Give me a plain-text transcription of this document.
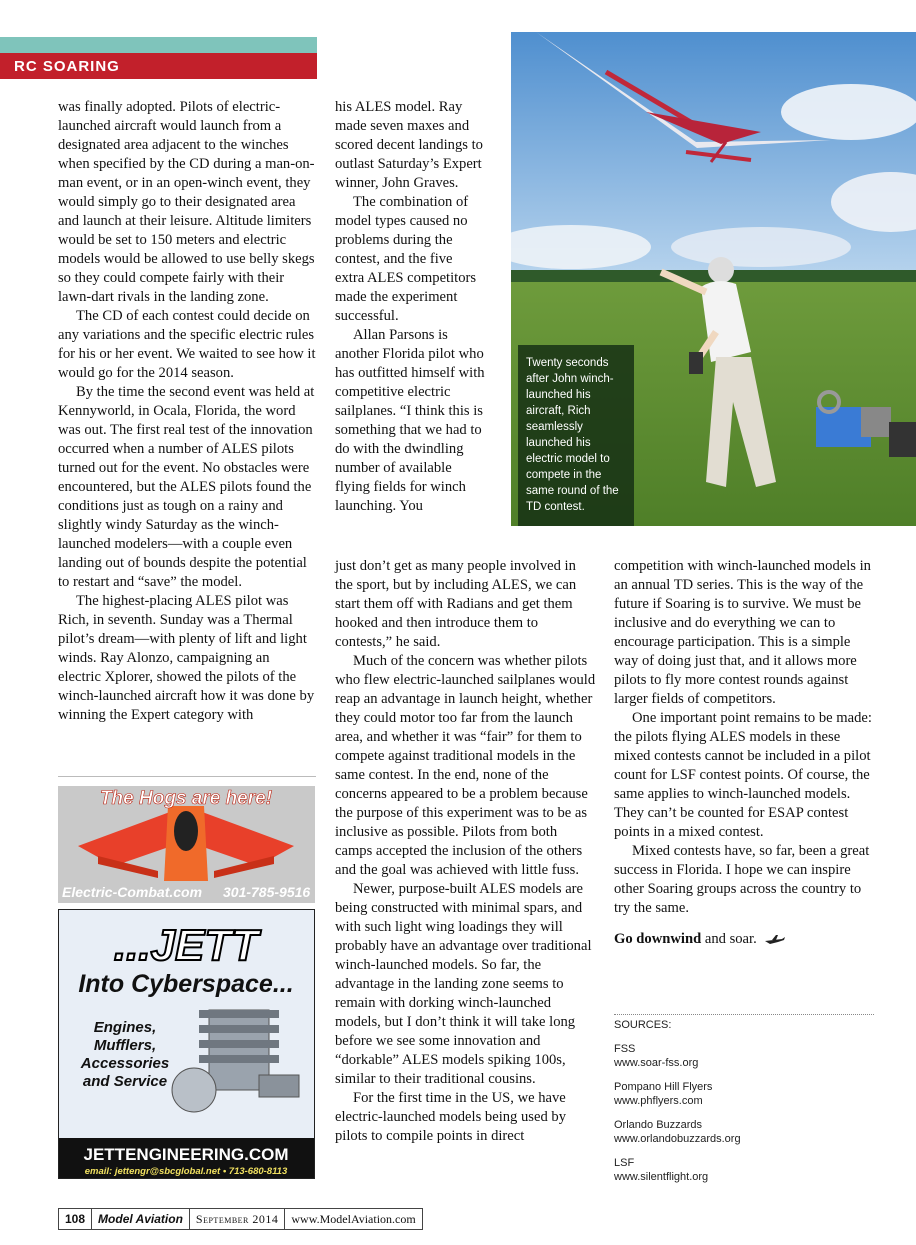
RC SOARING

was finally adopted. Pilots of electric-launched aircraft would launch from a designated area adjacent to the winches when specified by the CD during a man-on-man event, or in an open-winch event, they would simply go to their designated area and launch at their leisure. Altitude limiters would be set to 150 meters and electric models would be allowed to use belly skegs so they could compete fairly with their lawn-dart rivals in the landing zone.

The CD of each contest could decide on any variations and the specific electric rules for his or her event. We waited to see how it would go for the 2014 season.

By the time the second event was held at Kennyworld, in Ocala, Florida, the word was out. The first real test of the innovation occurred when a number of ALES pilots turned out for the event. No obstacles were encountered, but the ALES pilots found the conditions just as tough on a rainy and slightly windy Saturday as the winch-launched modelers—with a couple even landing out of bounds despite the potential to restart and “save” the model.

The highest-placing ALES pilot was Rich, in seventh. Sunday was a Thermal pilot’s dream—with plenty of lift and light winds. Ray Alonzo, campaigning an electric Xplorer, showed the pilots of the winch-launched aircraft how it was done by winning the Expert category with

his ALES model. Ray made seven maxes and scored decent landings to outlast Saturday’s Expert winner, John Graves.

The combination of model types caused no problems during the contest, and the five extra ALES competitors made the experiment successful.

Allan Parsons is another Florida pilot who has outfitted himself with competitive electric sailplanes. “I think this is something that we had to do with the dwindling number of available flying fields for winch launching. You

just don’t get as many people involved in the sport, but by including ALES, we can start them off with Radians and get them hooked and then introduce them to contests,” he said.

Much of the concern was whether pilots who flew electric-launched sailplanes would reap an advantage in launch height, whether they could motor too far from the launch area, and whether it was “fair” for them to compete against traditional models in the same contest. In the end, none of the concerns appeared to be a problem because the purpose of this experiment was to be as inclusive as possible. Pilots from both camps accepted the inclusion of the others and the goal was achieved with little fuss.

Newer, purpose-built ALES models are being constructed with minimal spars, and with such light wing loadings they will probably have an advantage over traditional winch-launched models. So far, the advantage in the landing zone seems to remain with dorking winch-launched models, but I don’t think it will take long before we see some innovation and “dorkable” ALES models spiking 100s, similar to their traditional cousins.

For the first time in the US, we have electric-launched models being used by pilots to compile points in direct

competition with winch-launched models in an annual TD series. This is the way of the future if Soaring is to survive. We must be inclusive and do everything we can to encourage participation. This is a simple way of doing just that, and it allows more pilots to fly more contest rounds against larger fields of competitors.

One important point remains to be made: the pilots flying ALES models in these mixed contests cannot be included in a pilot count for LSF contest points. Of course, the same applies to winch-launched models. They can’t be counted for ESAP contest points in a mixed contest.

Mixed contests have, so far, been a great success in Florida. I hope we can inspire other Soaring groups across the country to try the same.

Go downwind and soar.

Twenty seconds after John winch-launched his aircraft, Rich seamlessly launched his electric model to compete in the same round of the TD contest.
The Hogs are here!
Electric-Combat.com 301-785-9516
...JETT
Into Cyberspace...
Engines,
Mufflers,
Accessories
and Service
JETTENGINEERING.COM
email: jettengr@sbcglobal.net • 713-680-8113
SOURCES:
FSS
www.soar-fss.org
Pompano Hill Flyers
www.phflyers.com
Orlando Buzzards
www.orlandobuzzards.org
LSF
www.silentflight.org
108	Model Aviation	September 2014	www.ModelAviation.com
